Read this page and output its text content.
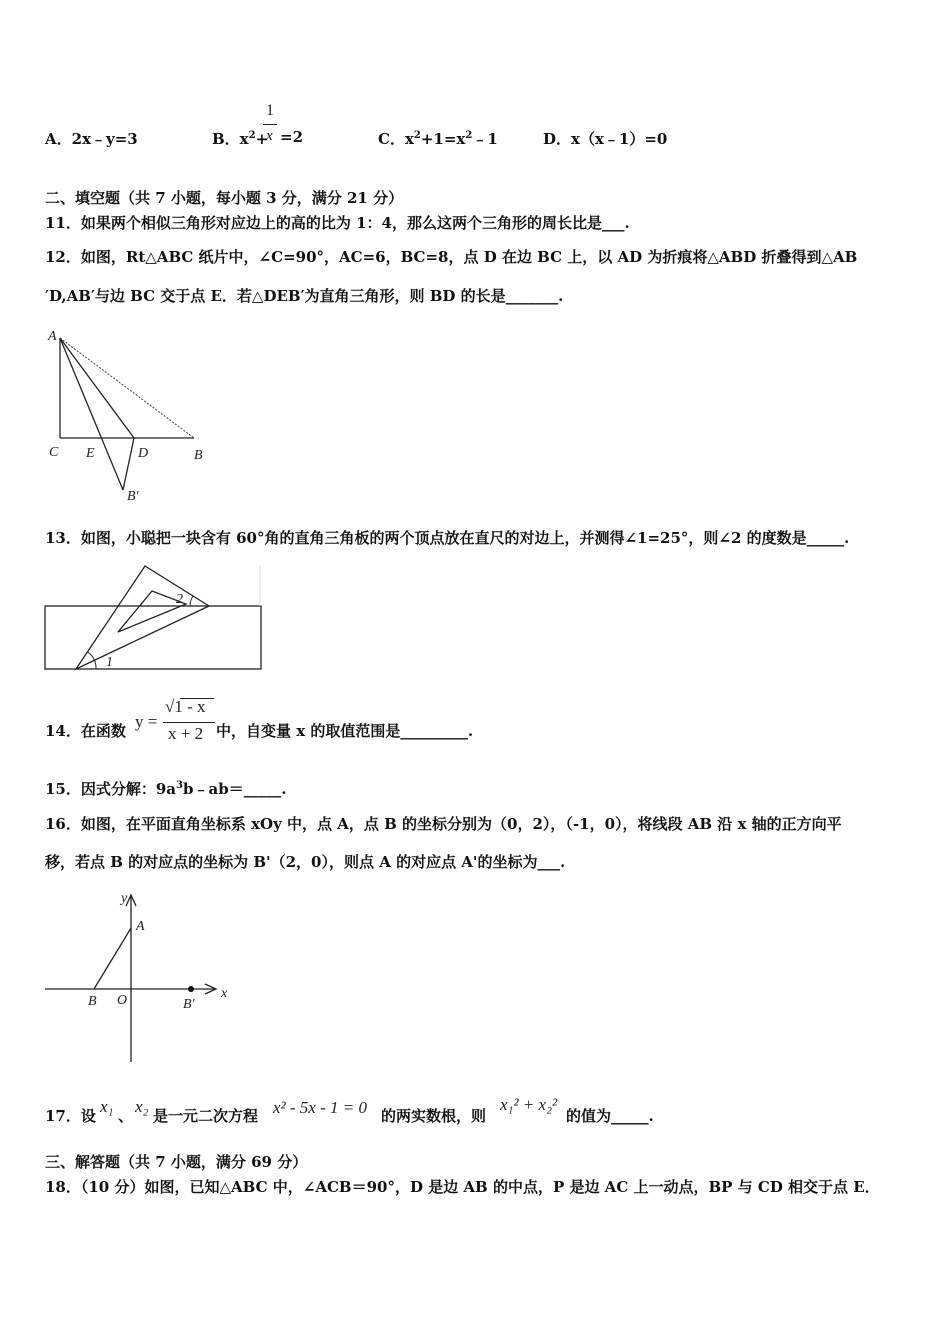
A．2x﹣y=3	B．$x^2+$
1
x =2	C．$x^2+1=x^2﹣1$	D．x（x﹣1）=0
二、填空题（共 7 小题，每小题 3 分，满分 21 分）
11．如果两个相似三角形对应边上的高的比为 1：4，那么这两个三角形的周长比是___.
12．如图，Rt△ABC 纸片中，∠C=90°，AC=6，BC=8，点 D 在边 BC 上，以 AD 为折痕将△ABD 折叠得到△AB
′D,AB′与边 BC 交于点 E．若△DEB′为直角三角形，则 BD 的长是_______.
A
C E	D	B
B′
13．如图，小聪把一块含有 60°角的直角三角板的两个顶点放在直尺的对边上，并测得∠1=25°，则∠2 的度数是_____.
1
2
14．在函数 y =
√1 - x
x + 2 中，自变量 x 的取值范围是_________.
15．因式分解：$9a^3b﹣ab=\_\_\_\_\_$.
16．如图，在平面直角坐标系 xOy 中，点 A，点 B 的坐标分别为（0，2），（-1，0），将线段 AB 沿 x 轴的正方向平
移，若点 B 的对应点的坐标为 B'（2，0），则点 A 的对应点 A'的坐标为___.
y
A
B O	B′
x
17．设 x₁ 、 x₂ 是一元二次方程 x² - 5x - 1 = 0 的两实数根，则
x₁² + x₂²
的值为_____.
三、解答题（共 7 小题，满分 69 分）
18．（10 分）如图，已知△ABC 中，∠ACB＝90°，D 是边 AB 的中点，P 是边 AC 上一动点，BP 与 CD 相交于点 E．
